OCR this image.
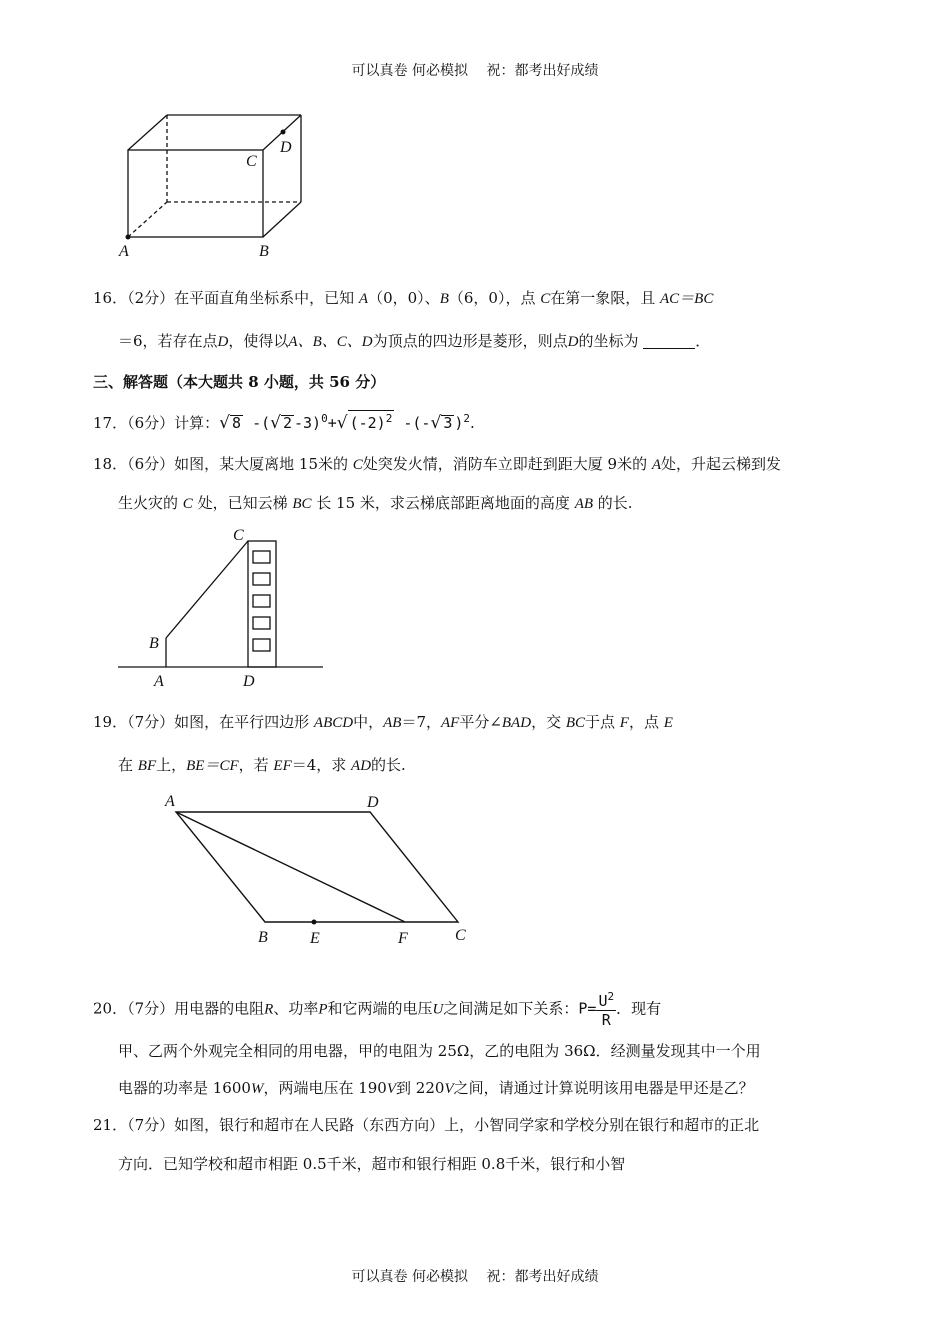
可以真卷 何必模拟　 祝：都考出好成绩
A	B
C
D
16．（2分）在平面直角坐标系中，已知 A（0，0）、B（6，0），点 C在第一象限，且 AC＝BC
＝6，若存在点D，使得以A、B、C、D为顶点的四边形是菱形，则点D的坐标为	．
三、解答题（本大题共 8 小题，共 56 分）
17．（6分）计算：√ 8 -(√ 2 -3)$^0$+√ $(-2)^2$ -(-√ 3 )$^2$.
18．（6分）如图，某大厦离地 15米的 C处突发火情，消防车立即赶到距大厦 9米的 A处，升起云梯到发
生火灾的 C 处，已知云梯 BC 长 15 米，求云梯底部距离地面的高度 AB 的长.
C
B
A	D
19．（7分）如图，在平行四边形 ABCD中，AB＝7，AF平分∠BAD，交 BC于点 F，点 E
在 BF上，BE＝CF，若 EF＝4，求 AD的长.
A	D
B	E	F	C
20．（7分）用电器的电阻R、功率P和它两端的电压U之间满足如下关系：$P= \frac{U^2}{R}$ ．现有
甲、乙两个外观完全相同的用电器，甲的电阻为 25Ω，乙的电阻为 36Ω．经测量发现其中一个用
电器的功率是 1600W，两端电压在 190V到 220V之间，请通过计算说明该用电器是甲还是乙？
21．（7分）如图，银行和超市在人民路（东西方向）上，小智同学家和学校分别在银行和超市的正北
方向．已知学校和超市相距 0.5千米，超市和银行相距 0.8千米，银行和小智
可以真卷 何必模拟　 祝：都考出好成绩
